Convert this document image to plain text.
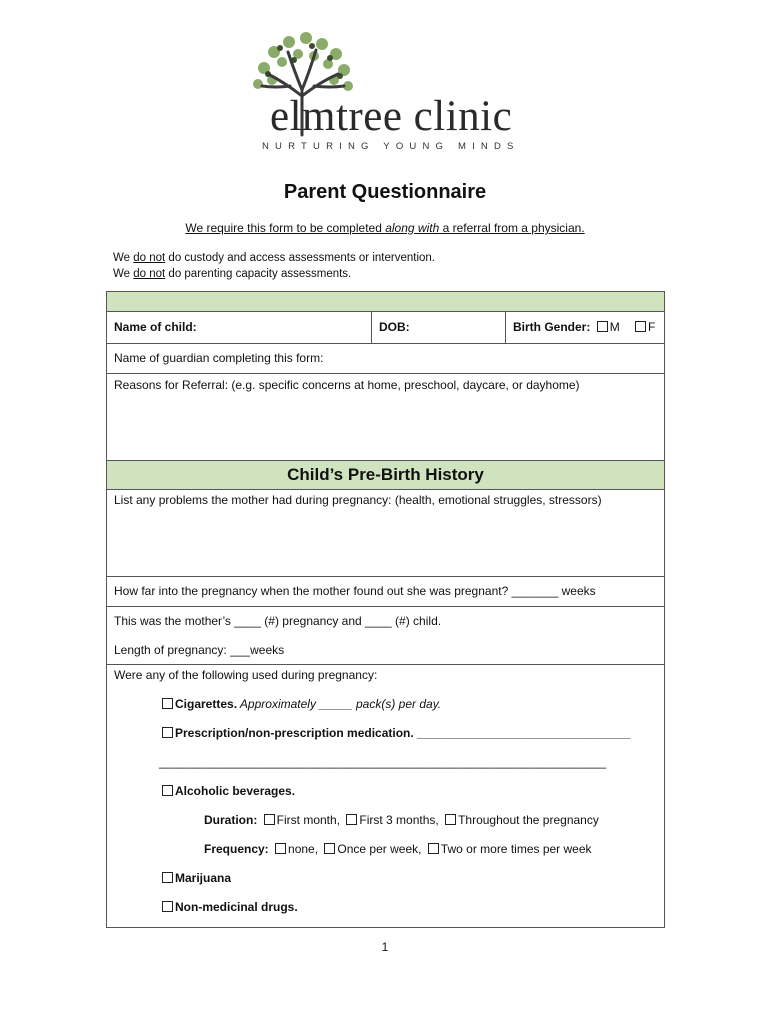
elmtree clinic
NURTURING YOUNG MINDS
Parent Questionnaire
We require this form to be completed along with a referral from a physician.
We do not do custody and access assessments or intervention.
We do not do parenting capacity assessments.
Name of child:	DOB:	Birth Gender: M F
Name of guardian completing this form:
Reasons for Referral: (e.g. specific concerns at home, preschool, daycare, or dayhome)
Child’s Pre-Birth History
List any problems the mother had during pregnancy: (health, emotional struggles, stressors)
How far into the pregnancy when the mother found out she was pregnant? _______ weeks
This was the mother’s ____ (#) pregnancy and ____ (#) child.
Length of pregnancy: ___weeks
Were any of the following used during pregnancy:
Cigarettes. Approximately _____ pack(s) per day.
Prescription/non-prescription medication. ________________________________
___________________________________________________________________
Alcoholic beverages.
Duration: First month, First 3 months, Throughout the pregnancy
Frequency: none, Once per week, Two or more times per week
Marijuana
Non-medicinal drugs.
1
